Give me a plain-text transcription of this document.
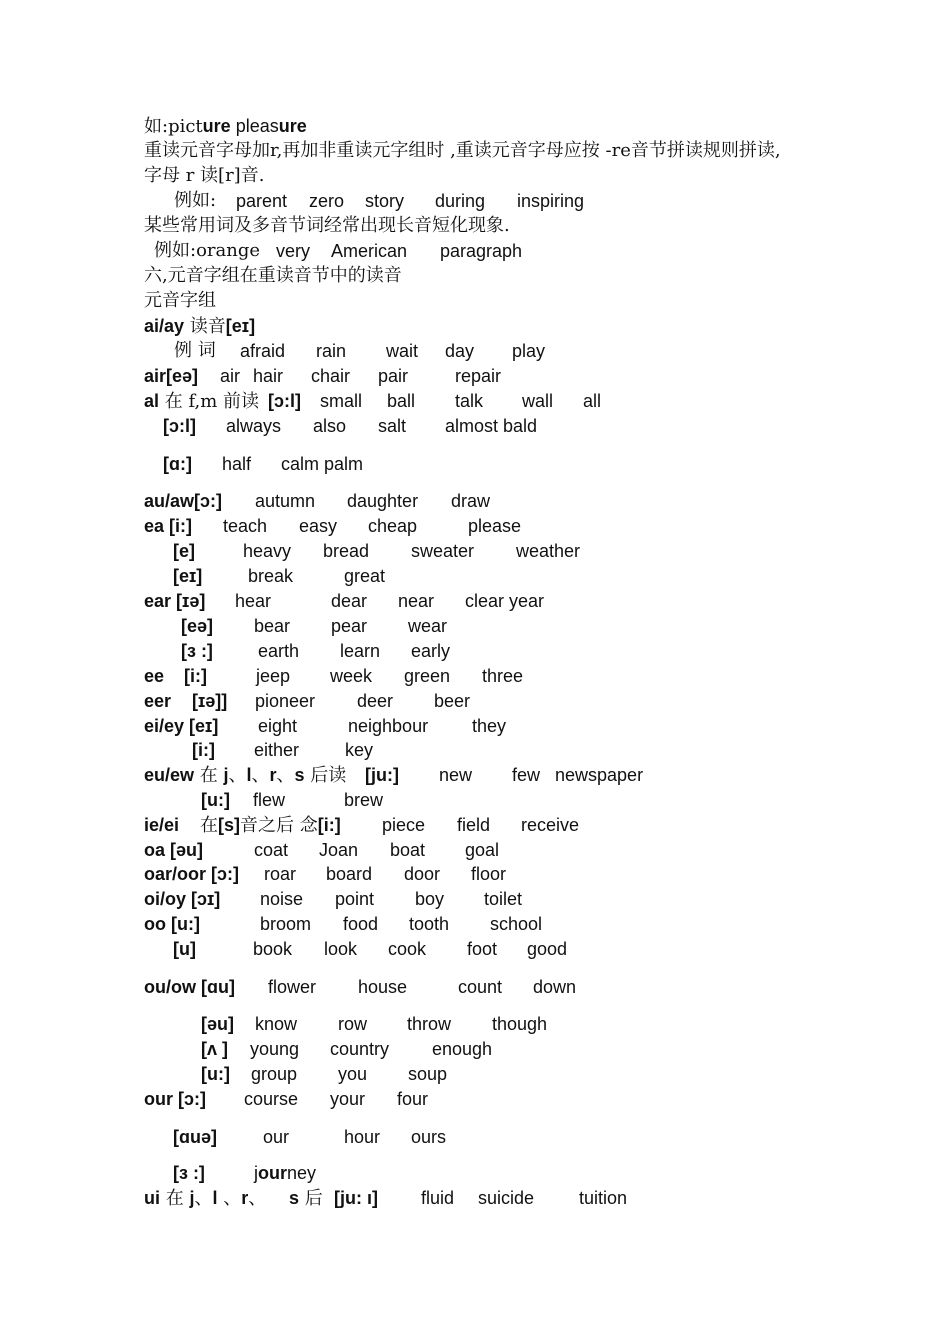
如:picture pleasure
重读元音字母加r,再加非重读元字组时 ,重读元音字母应按 -re音节拼读规则拼读,
字母 r 读[r]音.
例如: parent zero story during inspiring
某些常用词及多音节词经常出现长音短化现象.
例如:orange very American paragraph
六,元音字组在重读音节中的读音
元音字组
ai/ay 读音[eɪ]
例 词 afraid rain wait day play
air[eə] air hair chair pair	repair
al 在 f,m 前读 [ɔ:l] small ball talk wall all
[ɔ:l] always also salt almost bald
[ɑ:] half calm palm
au/aw[ɔ:] autumn daughter draw
ea [i:] teach easy cheap	please
[e]	heavy bread sweater weather
[eɪ]	break	great
ear [ɪə] hear	dear near clear year
[eə] bear pear wear
[ɜ :]	earth learn early
ee [i:]	jeep week green three
eer [ɪə]] pioneer deer beer
ei/ey [eɪ] eight	neighbour they
[i:] either	key
eu/ew 在 j、l、r、s 后读 [ju:] new few newspaper
[u:] flew	brew
ie/ei 在[s]音之后 念[i:] piece field receive
oa [əu]	coat Joan boat goal
oar/oor [ɔ:] roar board door floor
oi/oy [ɔɪ] noise point boy toilet
oo [u:]	broom food tooth school
[u]	book look cook foot good
ou/ow [ɑu] flower house	count down
[əu] know row throw though
[ʌ ] young country enough
[u:] group you soup
our [ɔ:] course your four
[ɑuə]	our	hour ours
[ɜ :]	journey
ui 在 j、l 、r、 s 后 [ju: ı] fluid suicide tuition
